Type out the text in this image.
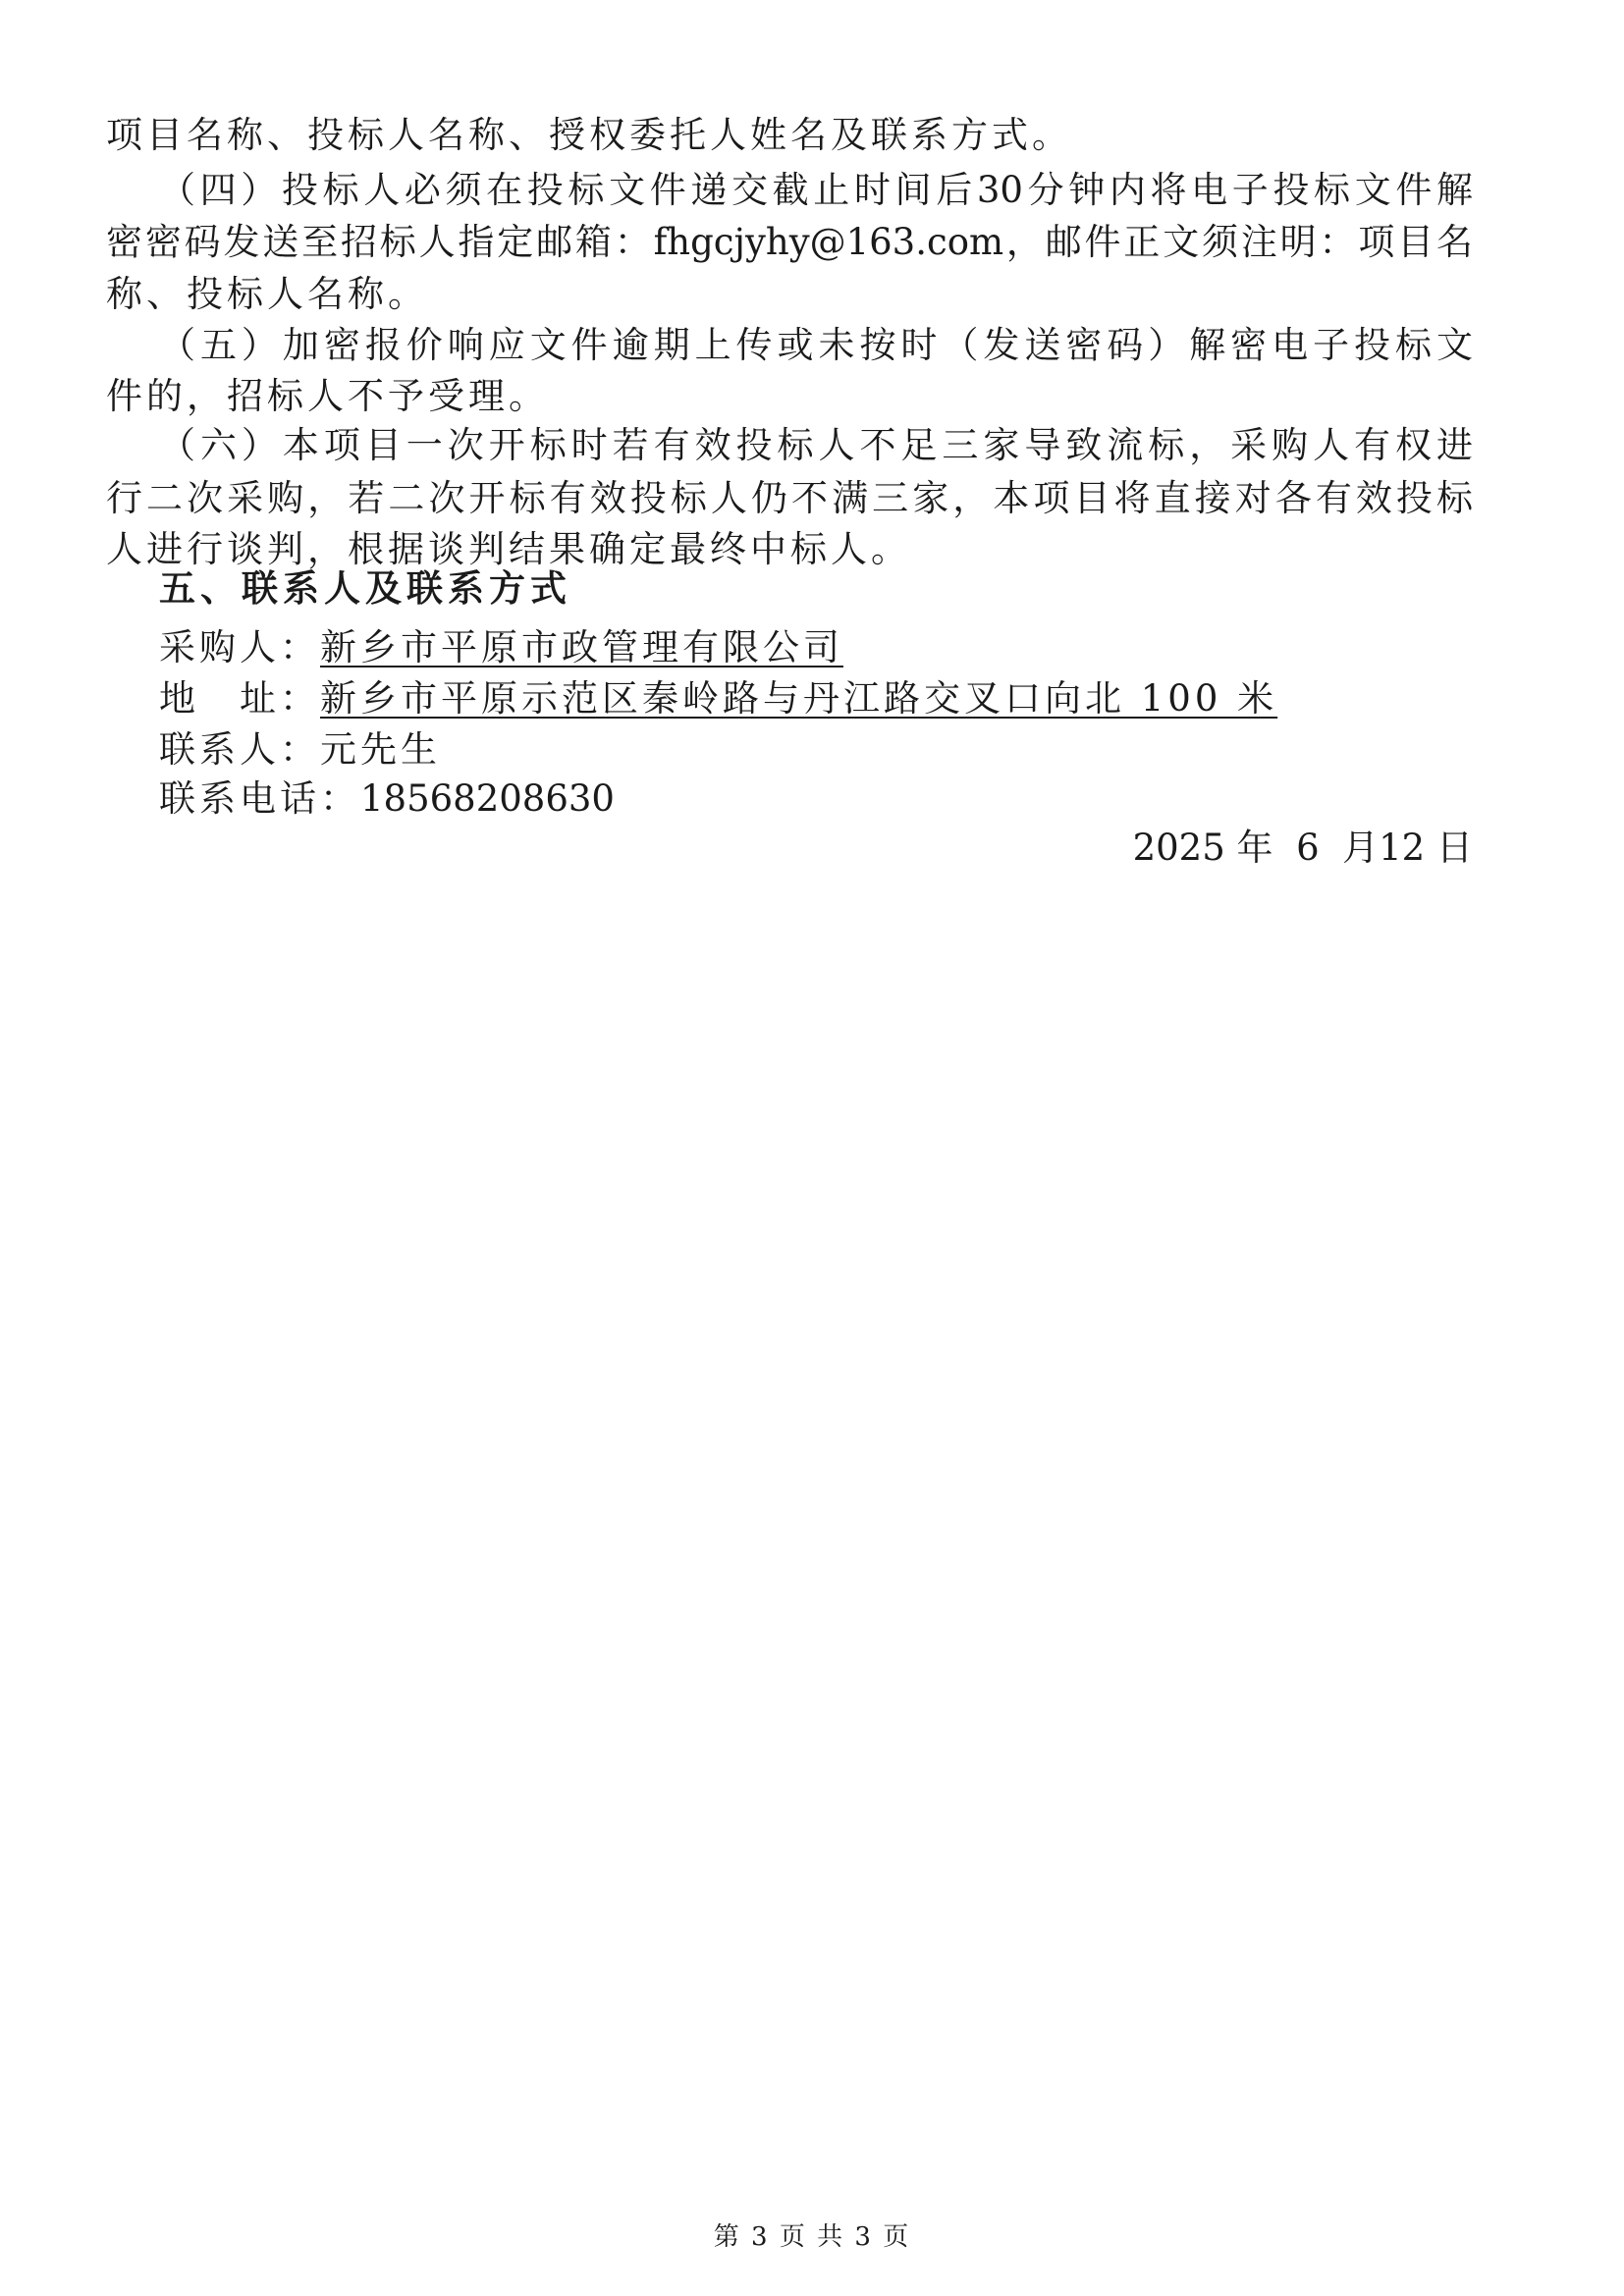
项目名称、投标人名称、授权委托人姓名及联系方式。
（四）投标人必须在投标文件递交截止时间后30分钟内将电子投标文件解
密密码发送至招标人指定邮箱：fhgcjyhy@163.com，邮件正文须注明：项目名
称、投标人名称。
（五）加密报价响应文件逾期上传或未按时（发送密码）解密电子投标文
件的，招标人不予受理。
（六）本项目一次开标时若有效投标人不足三家导致流标，采购人有权进
行二次采购，若二次开标有效投标人仍不满三家，本项目将直接对各有效投标
人进行谈判，根据谈判结果确定最终中标人。
五、联系人及联系方式
采购人：新乡市平原市政管理有限公司
地　址：新乡市平原示范区秦岭路与丹江路交叉口向北 100 米
联系人：元先生
联系电话：18568208630
2025 年 6 月12 日
第 3 页 共 3 页
